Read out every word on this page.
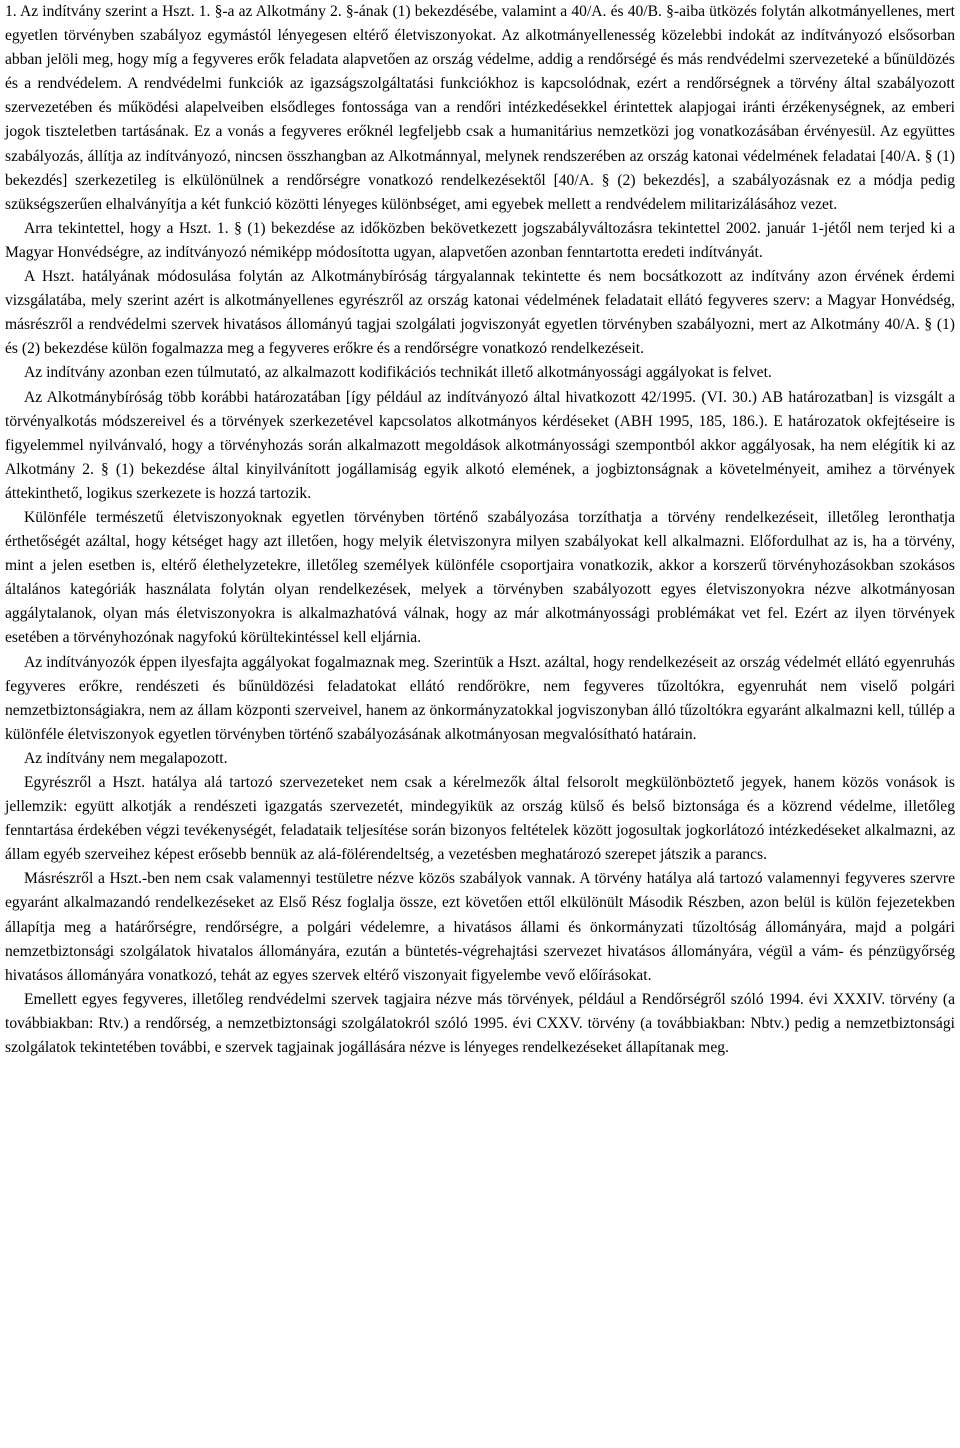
1. Az indítvány szerint a Hszt. 1. §-a az Alkotmány 2. §-ának (1) bekezdésébe, valamint a 40/A. és 40/B. §-aiba ütközés folytán alkotmányellenes, mert egyetlen törvényben szabályoz egymástól lényegesen eltérő életviszonyokat. Az alkotmányellenesség közelebbi indokát az indítványozó elsősorban abban jelöli meg, hogy míg a fegyveres erők feladata alapvetően az ország védelme, addig a rendőrségé és más rendvédelmi szervezeteké a bűnüldözés és a rendvédelem. A rendvédelmi funkciók az igazságszolgáltatási funkciókhoz is kapcsolódnak, ezért a rendőrségnek a törvény által szabályozott szervezetében és működési alapelveiben elsődleges fontossága van a rendőri intézkedésekkel érintettek alapjogai iránti érzékenységnek, az emberi jogok tiszteletben tartásának. Ez a vonás a fegyveres erőknél legfeljebb csak a humanitárius nemzetközi jog vonatkozásában érvényesül. Az együttes szabályozás, állítja az indítványozó, nincsen összhangban az Alkotmánnyal, melynek rendszerében az ország katonai védelmének feladatai [40/A. § (1) bekezdés] szerkezetileg is elkülönülnek a rendőrségre vonatkozó rendelkezésektől [40/A. § (2) bekezdés], a szabályozásnak ez a módja pedig szükségszerűen elhalványítja a két funkció közötti lényeges különbséget, ami egyebek mellett a rendvédelem militarizálásához vezet.

Arra tekintettel, hogy a Hszt. 1. § (1) bekezdése az időközben bekövetkezett jogszabályváltozásra tekintettel 2002. január 1-jétől nem terjed ki a Magyar Honvédségre, az indítványozó némiképp módosította ugyan, alapvetően azonban fenntartotta eredeti indítványát.

A Hszt. hatályának módosulása folytán az Alkotmánybíróság tárgyalannak tekintette és nem bocsátkozott az indítvány azon érvének érdemi vizsgálatába, mely szerint azért is alkotmányellenes egyrészről az ország katonai védelmének feladatait ellátó fegyveres szerv: a Magyar Honvédség, másrészről a rendvédelmi szervek hivatásos állományú tagjai szolgálati jogviszonyát egyetlen törvényben szabályozni, mert az Alkotmány 40/A. § (1) és (2) bekezdése külön fogalmazza meg a fegyveres erőkre és a rendőrségre vonatkozó rendelkezéseit.

Az indítvány azonban ezen túlmutató, az alkalmazott kodifikációs technikát illető alkotmányossági aggályokat is felvet.

Az Alkotmánybíróság több korábbi határozatában [így például az indítványozó által hivatkozott 42/1995. (VI. 30.) AB határozatban] is vizsgált a törvényalkotás módszereivel és a törvények szerkezetével kapcsolatos alkotmányos kérdéseket (ABH 1995, 185, 186.). E határozatok okfejtéseire is figyelemmel nyilvánvaló, hogy a törvényhozás során alkalmazott megoldások alkotmányossági szempontból akkor aggályosak, ha nem elégítik ki az Alkotmány 2. § (1) bekezdése által kinyilvánított jogállamiság egyik alkotó elemének, a jogbiztonságnak a követelményeit, amihez a törvények áttekinthető, logikus szerkezete is hozzá tartozik.

Különféle természetű életviszonyoknak egyetlen törvényben történő szabályozása torzíthatja a törvény rendelkezéseit, illetőleg leronthatja érthetőségét azáltal, hogy kétséget hagy azt illetően, hogy melyik életviszonyra milyen szabályokat kell alkalmazni. Előfordulhat az is, ha a törvény, mint a jelen esetben is, eltérő élethelyzetekre, illetőleg személyek különféle csoportjaira vonatkozik, akkor a korszerű törvényhozásokban szokásos általános kategóriák használata folytán olyan rendelkezések, melyek a törvényben szabályozott egyes életviszonyokra nézve alkotmányosan aggálytalanok, olyan más életviszonyokra is alkalmazhatóvá válnak, hogy az már alkotmányossági problémákat vet fel. Ezért az ilyen törvények esetében a törvényhozónak nagyfokú körültekintéssel kell eljárnia.

Az indítványozók éppen ilyesfajta aggályokat fogalmaznak meg. Szerintük a Hszt. azáltal, hogy rendelkezéseit az ország védelmét ellátó egyenruhás fegyveres erőkre, rendészeti és bűnüldözési feladatokat ellátó rendőrökre, nem fegyveres tűzoltókra, egyenruhát nem viselő polgári nemzetbiztonságiakra, nem az állam központi szerveivel, hanem az önkormányzatokkal jogviszonyban álló tűzoltókra egyaránt alkalmazni kell, túllép a különféle életviszonyok egyetlen törvényben történő szabályozásának alkotmányosan megvalósítható határain.

Az indítvány nem megalapozott.

Egyrészről a Hszt. hatálya alá tartozó szervezeteket nem csak a kérelmezők által felsorolt megkülönböztető jegyek, hanem közös vonások is jellemzik: együtt alkotják a rendészeti igazgatás szervezetét, mindegyikük az ország külső és belső biztonsága és a közrend védelme, illetőleg fenntartása érdekében végzi tevékenységét, feladataik teljesítése során bizonyos feltételek között jogosultak jogkorlátozó intézkedéseket alkalmazni, az állam egyéb szerveihez képest erősebb bennük az alá-fölérendeltség, a vezetésben meghatározó szerepet játszik a parancs.

Másrészről a Hszt.-ben nem csak valamennyi testületre nézve közös szabályok vannak. A törvény hatálya alá tartozó valamennyi fegyveres szervre egyaránt alkalmazandó rendelkezéseket az Első Rész foglalja össze, ezt követően ettől elkülönült Második Részben, azon belül is külön fejezetekben állapítja meg a határőrségre, rendőrségre, a polgári védelemre, a hivatásos állami és önkormányzati tűzoltóság állományára, majd a polgári nemzetbiztonsági szolgálatok hivatalos állományára, ezután a büntetés-végrehajtási szervezet hivatásos állományára, végül a vám- és pénzügyőrség hivatásos állományára vonatkozó, tehát az egyes szervek eltérő viszonyait figyelembe vevő előírásokat.

Emellett egyes fegyveres, illetőleg rendvédelmi szervek tagjaira nézve más törvények, például a Rendőrségről szóló 1994. évi XXXIV. törvény (a továbbiakban: Rtv.) a rendőrség, a nemzetbiztonsági szolgálatokról szóló 1995. évi CXXV. törvény (a továbbiakban: Nbtv.) pedig a nemzetbiztonsági szolgálatok tekintetében további, e szervek tagjainak jogállására nézve is lényeges rendelkezéseket állapítanak meg.
